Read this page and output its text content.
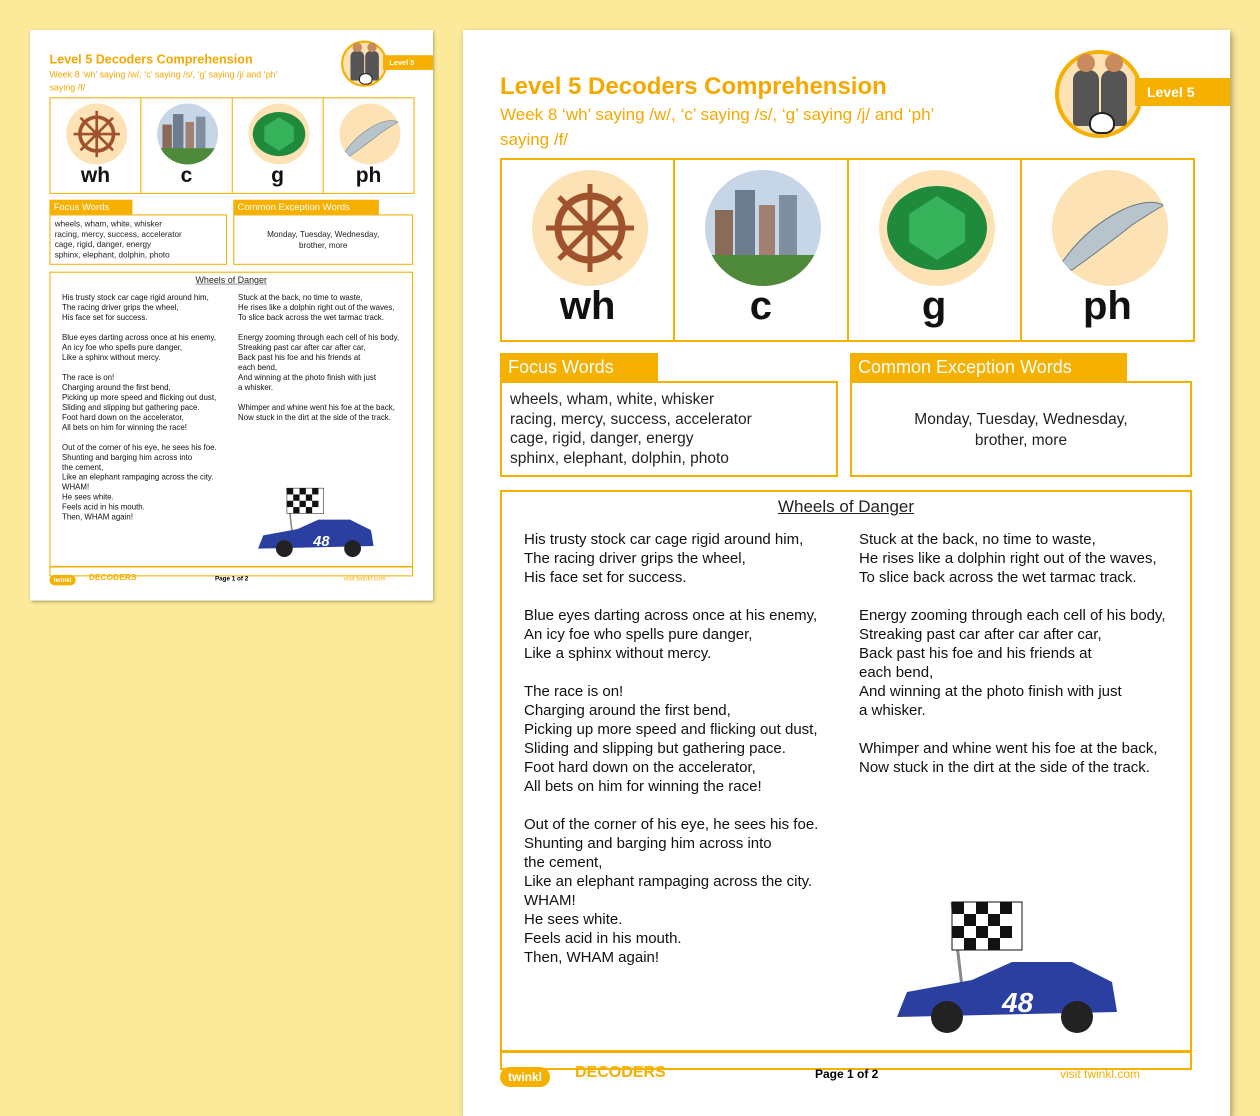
Level 5 Decoders Comprehension
Week 8 ‘wh’ saying /w/, ‘c’ saying /s/, ‘g’ saying /j/ and ‘ph’ saying /f/
Level 5
wh	c	g	ph
Focus Words
wheels, wham, white, whisker
racing, mercy, success, accelerator
cage, rigid, danger, energy
sphinx, elephant, dolphin, photo
Common Exception Words
Monday, Tuesday, Wednesday,
brother, more
Wheels of Danger
His trusty stock car cage rigid around him,
The racing driver grips the wheel,
His face set for success.

Blue eyes darting across once at his enemy,
An icy foe who spells pure danger,
Like a sphinx without mercy.

The race is on!
Charging around the first bend,
Picking up more speed and flicking out dust,
Sliding and slipping but gathering pace.
Foot hard down on the accelerator,
All bets on him for winning the race!

Out of the corner of his eye, he sees his foe.
Shunting and barging him across into
the cement,
Like an elephant rampaging across the city.
WHAM!
He sees white.
Feels acid in his mouth.
Then, WHAM again!
Stuck at the back, no time to waste,
He rises like a dolphin right out of the waves,
To slice back across the wet tarmac track.

Energy zooming through each cell of his body,
Streaking past car after car after car,
Back past his foe and his friends at
each bend,
And winning at the photo finish with just
a whisker.

Whimper and whine went his foe at the back,
Now stuck in the dirt at the side of the track.
48
twinkl DECODERS	Page 1 of 2	visit twinkl.com
Level 5 Decoders Comprehension
Week 8 ‘wh’ saying /w/, ‘c’ saying /s/, ‘g’ saying /j/ and ‘ph’ saying /f/
Level 5
wh	c	g	ph
Focus Words
wheels, wham, white, whisker
racing, mercy, success, accelerator
cage, rigid, danger, energy
sphinx, elephant, dolphin, photo
Common Exception Words
Monday, Tuesday, Wednesday,
brother, more
Wheels of Danger
His trusty stock car cage rigid around him,
The racing driver grips the wheel,
His face set for success.

Blue eyes darting across once at his enemy,
An icy foe who spells pure danger,
Like a sphinx without mercy.

The race is on!
Charging around the first bend,
Picking up more speed and flicking out dust,
Sliding and slipping but gathering pace.
Foot hard down on the accelerator,
All bets on him for winning the race!

Out of the corner of his eye, he sees his foe.
Shunting and barging him across into
the cement,
Like an elephant rampaging across the city.
WHAM!
He sees white.
Feels acid in his mouth.
Then, WHAM again!
Stuck at the back, no time to waste,
He rises like a dolphin right out of the waves,
To slice back across the wet tarmac track.

Energy zooming through each cell of his body,
Streaking past car after car after car,
Back past his foe and his friends at
each bend,
And winning at the photo finish with just
a whisker.

Whimper and whine went his foe at the back,
Now stuck in the dirt at the side of the track.
48
twinkl	DECODERS	Page 1 of 2	visit twinkl.com
